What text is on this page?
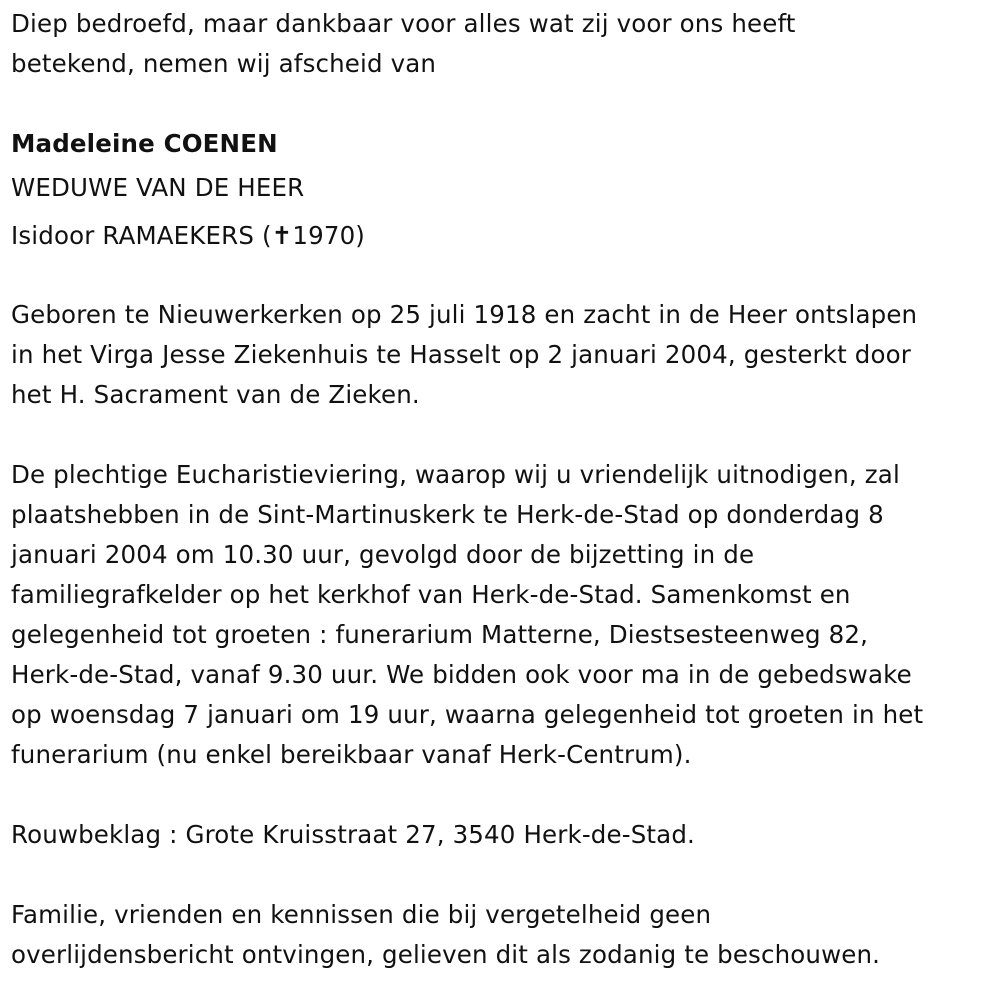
Diep bedroefd, maar dankbaar voor alles wat zij voor ons heeft
betekend, nemen wij afscheid van
Madeleine COENEN
WEDUWE VAN DE HEER
Isidoor RAMAEKERS (✝1970)
Geboren te Nieuwerkerken op 25 juli 1918 en zacht in de Heer ontslapen
in het Virga Jesse Ziekenhuis te Hasselt op 2 januari 2004, gesterkt door
het H. Sacrament van de Zieken.
De plechtige Eucharistieviering, waarop wij u vriendelijk uitnodigen, zal
plaatshebben in de Sint-Martinuskerk te Herk-de-Stad op donderdag 8
januari 2004 om 10.30 uur, gevolgd door de bijzetting in de
familiegrafkelder op het kerkhof van Herk-de-Stad. Samenkomst en
gelegenheid tot groeten : funerarium Matterne, Diestsesteenweg 82,
Herk-de-Stad, vanaf 9.30 uur. We bidden ook voor ma in de gebedswake
op woensdag 7 januari om 19 uur, waarna gelegenheid tot groeten in het
funerarium (nu enkel bereikbaar vanaf Herk-Centrum).
Rouwbeklag : Grote Kruisstraat 27, 3540 Herk-de-Stad.
Familie, vrienden en kennissen die bij vergetelheid geen
overlijdensbericht ontvingen, gelieven dit als zodanig te beschouwen.
